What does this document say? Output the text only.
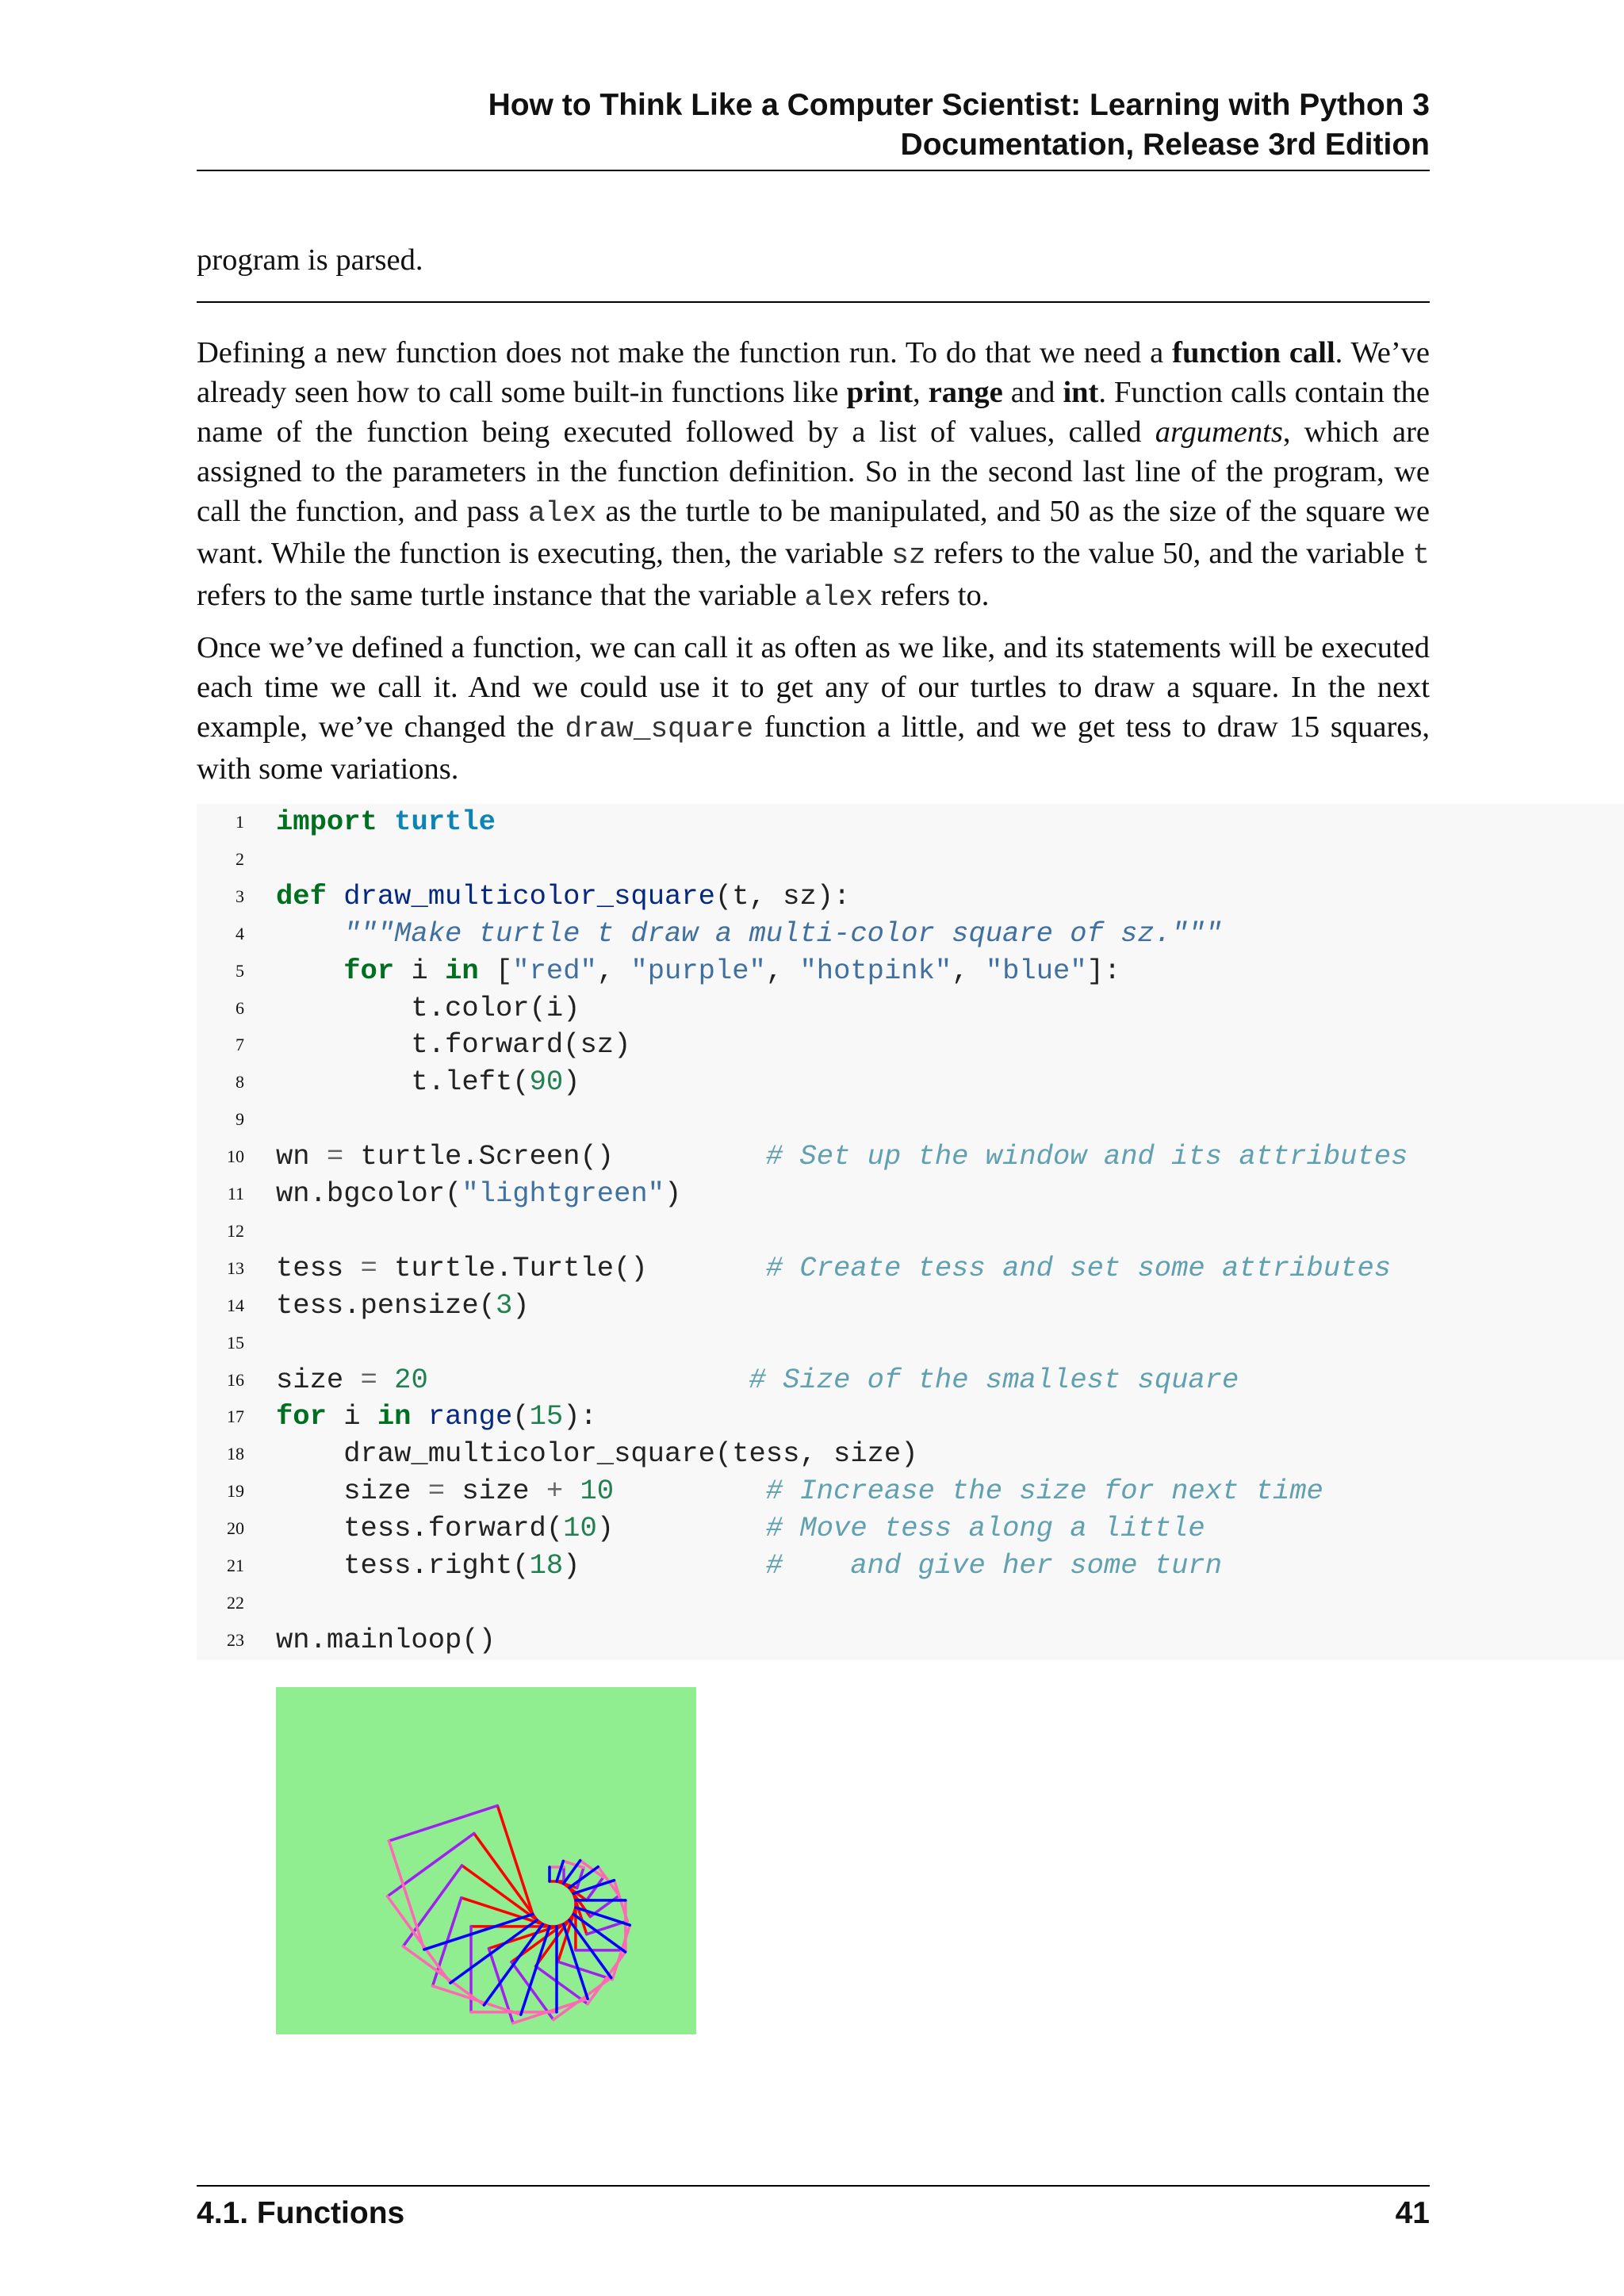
How to Think Like a Computer Scientist: Learning with Python 3
Documentation, Release 3rd Edition

program is parsed.

Defining a new function does not make the function run. To do that we need a function call. We’ve already seen how to call some built-in functions like print, range and int. Function calls contain the name of the function being executed followed by a list of values, called arguments, which are assigned to the parameters in the function definition. So in the second last line of the program, we call the function, and pass alex as the turtle to be manipulated, and 50 as the size of the square we want. While the function is executing, then, the variable sz refers to the value 50, and the variable t refers to the same turtle instance that the variable alex refers to.

Once we’ve defined a function, we can call it as often as we like, and its statements will be executed each time we call it. And we could use it to get any of our turtles to draw a square. In the next example, we’ve changed the draw_square function a little, and we get tess to draw 15 squares, with some variations.

1 import turtle
2
3 def draw_multicolor_square(t, sz):
4	"""Make turtle t draw a multi-color square of sz."""
5	for i in ["red", "purple", "hotpink", "blue"]:
6 t.color(i)
7 t.forward(sz)
8 t.left(90)
9
10 wn = turtle.Screen()         # Set up the window and its attributes
11 wn.bgcolor("lightgreen")
12
13 tess = turtle.Turtle()       # Create tess and set some attributes
14 tess.pensize(3)
15
16 size = 20	# Size of the smallest square
17 for i in range(15):
18 draw_multicolor_square(tess, size)
19 size = size + 10	# Increase the size for next time
20 tess.forward(10)         # Move tess along a little
21 tess.right(18)           #    and give her some turn
22
23 wn.mainloop()
4.1. Functions	41
